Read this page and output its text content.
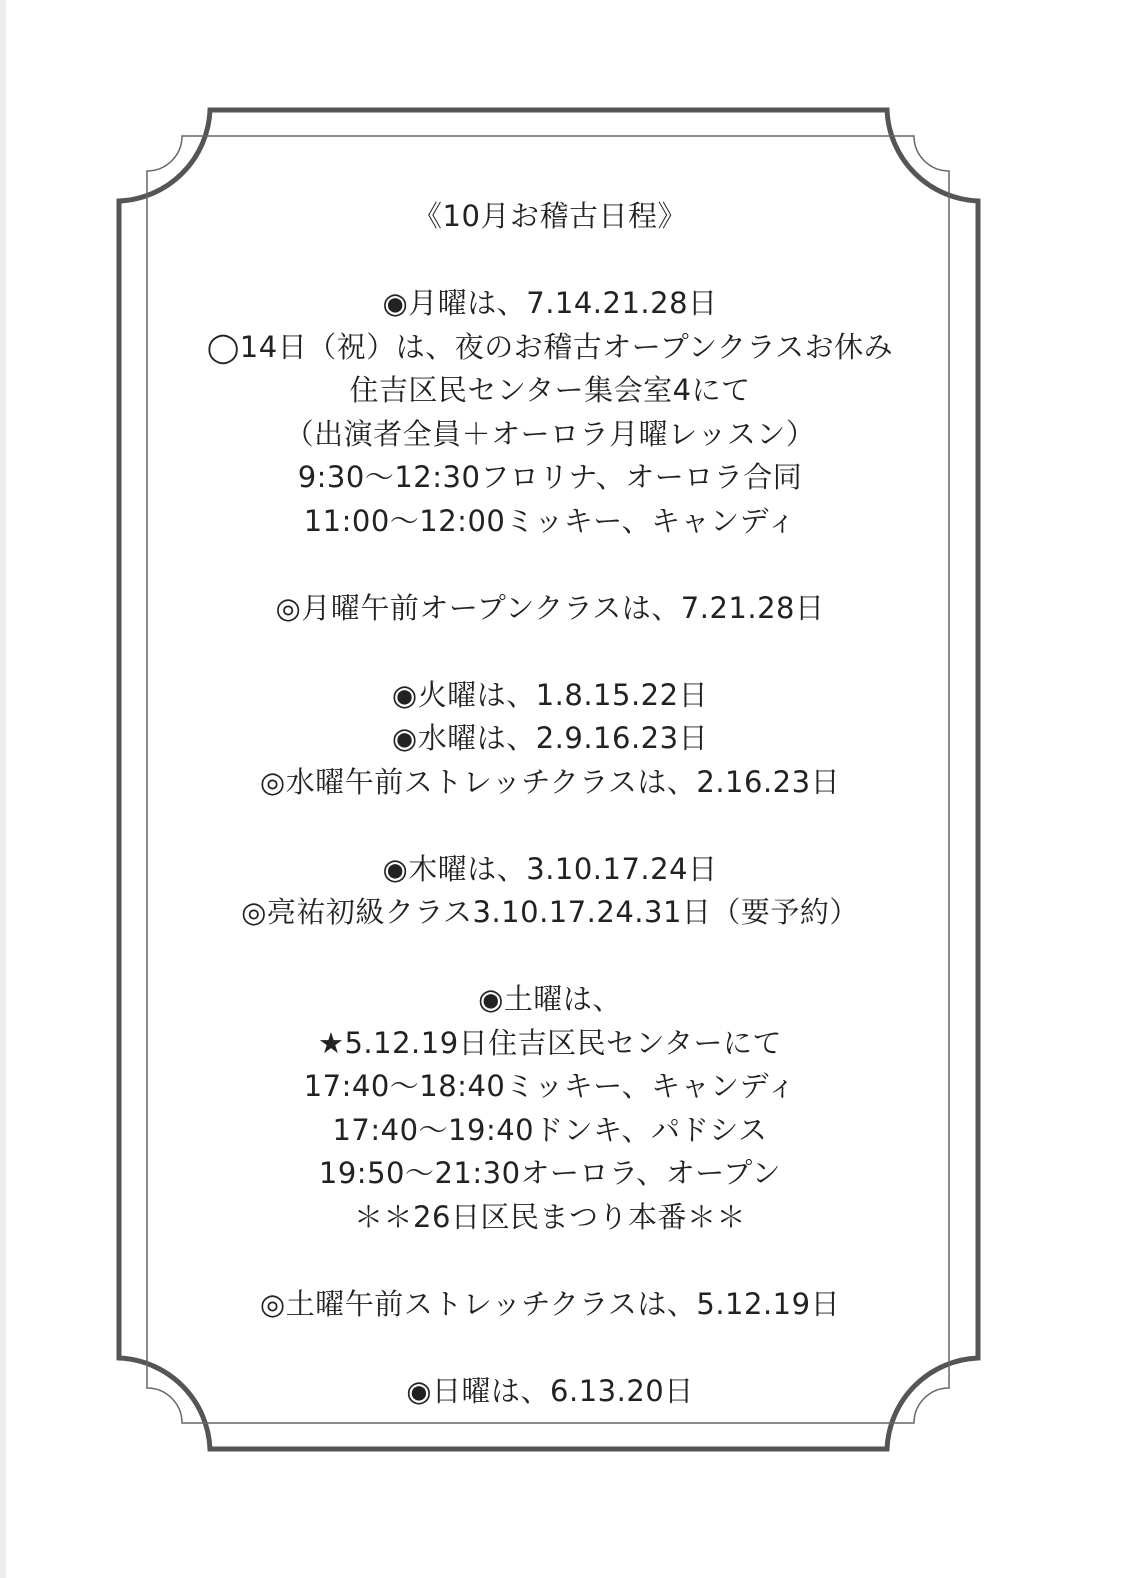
《10月お稽古日程》
◉月曜は、7.14.21.28日
◯14日（祝）は、夜のお稽古オープンクラスお休み
住吉区民センター集会室4にて
（出演者全員＋オーロラ月曜レッスン）
9:30〜12:30フロリナ、オーロラ合同
11:00〜12:00ミッキー、キャンディ
◎月曜午前オープンクラスは、7.21.28日
◉火曜は、1.8.15.22日
◉水曜は、2.9.16.23日
◎水曜午前ストレッチクラスは、2.16.23日
◉木曜は、3.10.17.24日
◎亮祐初級クラス3.10.17.24.31日（要予約）
◉土曜は、
★5.12.19日住吉区民センターにて
17:40〜18:40ミッキー、キャンディ
17:40〜19:40ドンキ、パドシス
19:50〜21:30オーロラ、オープン
＊＊26日区民まつり本番＊＊
◎土曜午前ストレッチクラスは、5.12.19日
◉日曜は、6.13.20日
